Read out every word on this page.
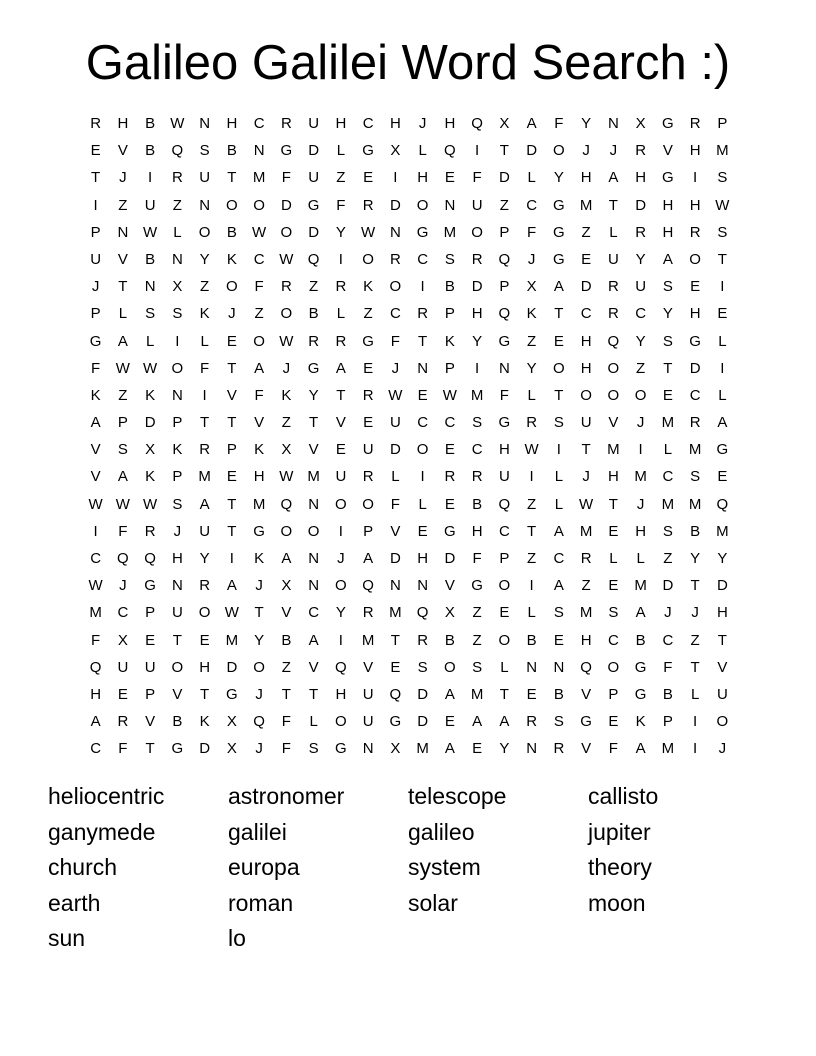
Galileo Galilei Word Search :)
R	H	B	W N	H	C	R	U	H	C	H	J	H	Q	X	A	F	Y	N	X	G	R	P
E	V	B	Q	S	B	N	G	D	L	G	X	L	Q	I	T	D	O	J	J	R	V	H	M
T	J	I	R	U	T	M	F	U	Z	E	I	H	E	F	D	L	Y	H	A	H	G	I	S
I	Z	U	Z	N	O	O	D	G	F	R	D	O	N	U	Z	C	G	M	T	D	H	H W
P	N W	L	O	B	W O	D	Y	W N	G	M	O	P	F	G	Z	L	R	H	R	S
U	V	B	N	Y	K	C W Q	I	O	R	C	S	R	Q	J	G	E	U	Y	A	O	T
J	T	N	X	Z	O	F	R	Z	R	K	O	I	B	D	P	X	A	D	R	U	S	E	I
P	L	S	S	K	J	Z	O	B	L	Z	C	R	P	H	Q	K	T	C	R	C	Y	H	E
G	A	L	I	L	E	O W R	R	G	F	T	K	Y	G	Z	E	H	Q	Y	S	G	L
F	W W O	F	T	A	J	G	A	E	J	N	P	I	N	Y	O	H	O	Z	T	D	I
K	Z	K	N	I	V	F	K	Y	T	R W	E	W M	F	L	T	O	O	O	E	C	L
A	P	D	P	T	T	V	Z	T	V	E	U	C	C	S	G	R	S	U	V	J	M	R	A
V	S	X	K	R	P	K	X	V	E	U	D	O	E	C	H W	I	T	M	I	L	M	G
V	A	K	P	M	E	H W M	U	R	L	I	R	R	U	I	L	J	H	M	C	S	E
W W W	S	A	T	M	Q	N	O	O	F	L	E	B	Q	Z	L	W	T	J	M M	Q
I	F	R	J	U	T	G	O	O	I	P	V	E	G	H	C	T	A	M	E	H	S	B	M
C	Q	Q	H	Y	I	K	A	N	J	A	D	H	D	F	P	Z	C	R	L	L	Z	Y	Y
W	J	G	N	R	A	J	X	N	O	Q	N	N	V	G	O	I	A	Z	E	M	D	T	D
M	C	P	U	O W	T	V	C	Y	R	M	Q	X	Z	E	L	S	M	S	A	J	J	H
F	X	E	T	E	M	Y	B	A	I	M	T	R	B	Z	O	B	E	H	C	B	C	Z	T
Q	U	U	O	H	D	O	Z	V	Q	V	E	S	O	S	L	N	N	Q	O	G	F	T	V
H	E	P	V	T	G	J	T	T	H	U	Q	D	A	M	T	E	B	V	P	G	B	L	U
A	R	V	B	K	X	Q	F	L	O	U	G	D	E	A	A	R	S	G	E	K	P	I	O
C	F	T	G	D	X	J	F	S	G	N	X	M	A	E	Y	N	R	V	F	A	M	I	J
heliocentric	astronomer	telescope	callisto
ganymede	galilei	galileo	jupiter
church	europa	system	theory
earth	roman	solar	moon
sun	lo
